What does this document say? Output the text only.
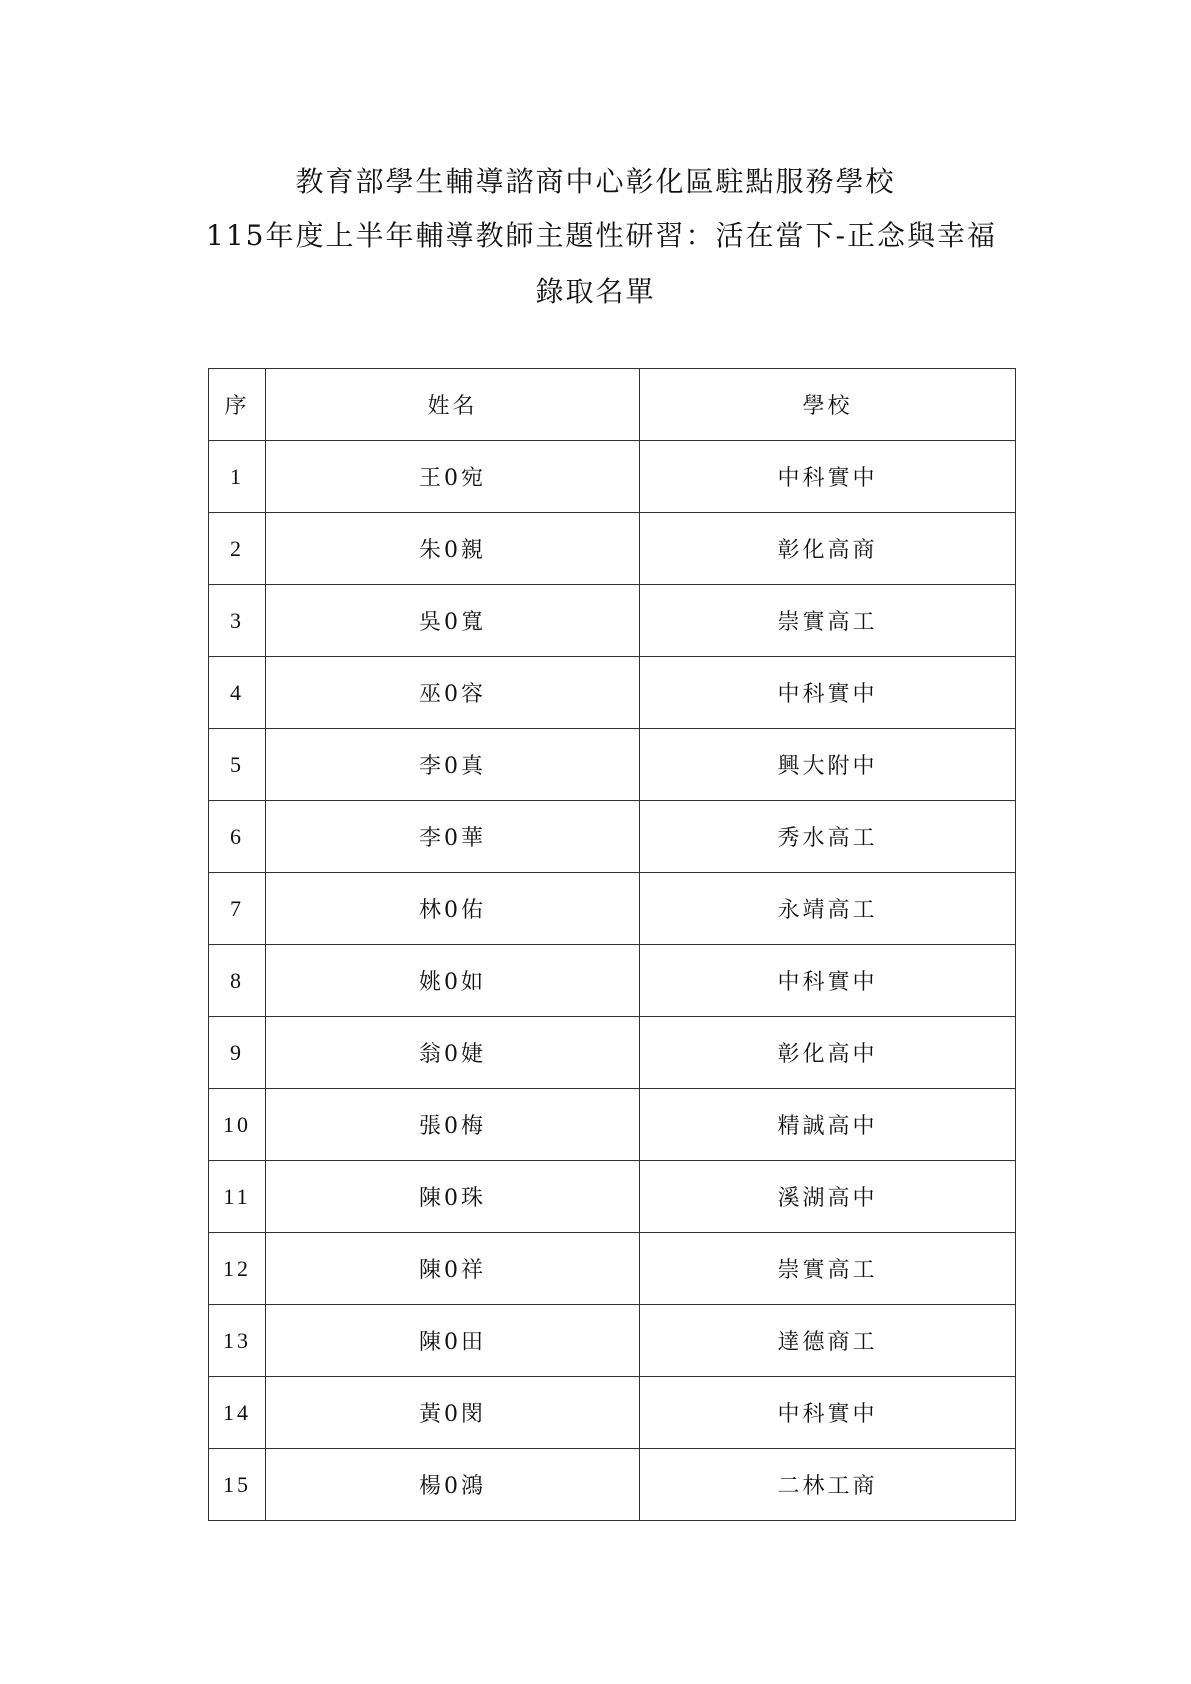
教育部學生輔導諮商中心彰化區駐點服務學校
115年度上半年輔導教師主題性研習：活在當下-正念與幸福
錄取名單
序	姓名	學校
1	王0宛	中科實中
2	朱0親	彰化高商
3	吳0寬	崇實高工
4	巫0容	中科實中
5	李0真	興大附中
6	李0華	秀水高工
7	林0佑	永靖高工
8	姚0如	中科實中
9	翁0婕	彰化高中
10	張0梅	精誠高中
11	陳0珠	溪湖高中
12	陳0祥	崇實高工
13	陳0田	達德商工
14	黃0閔	中科實中
15	楊0鴻	二林工商
